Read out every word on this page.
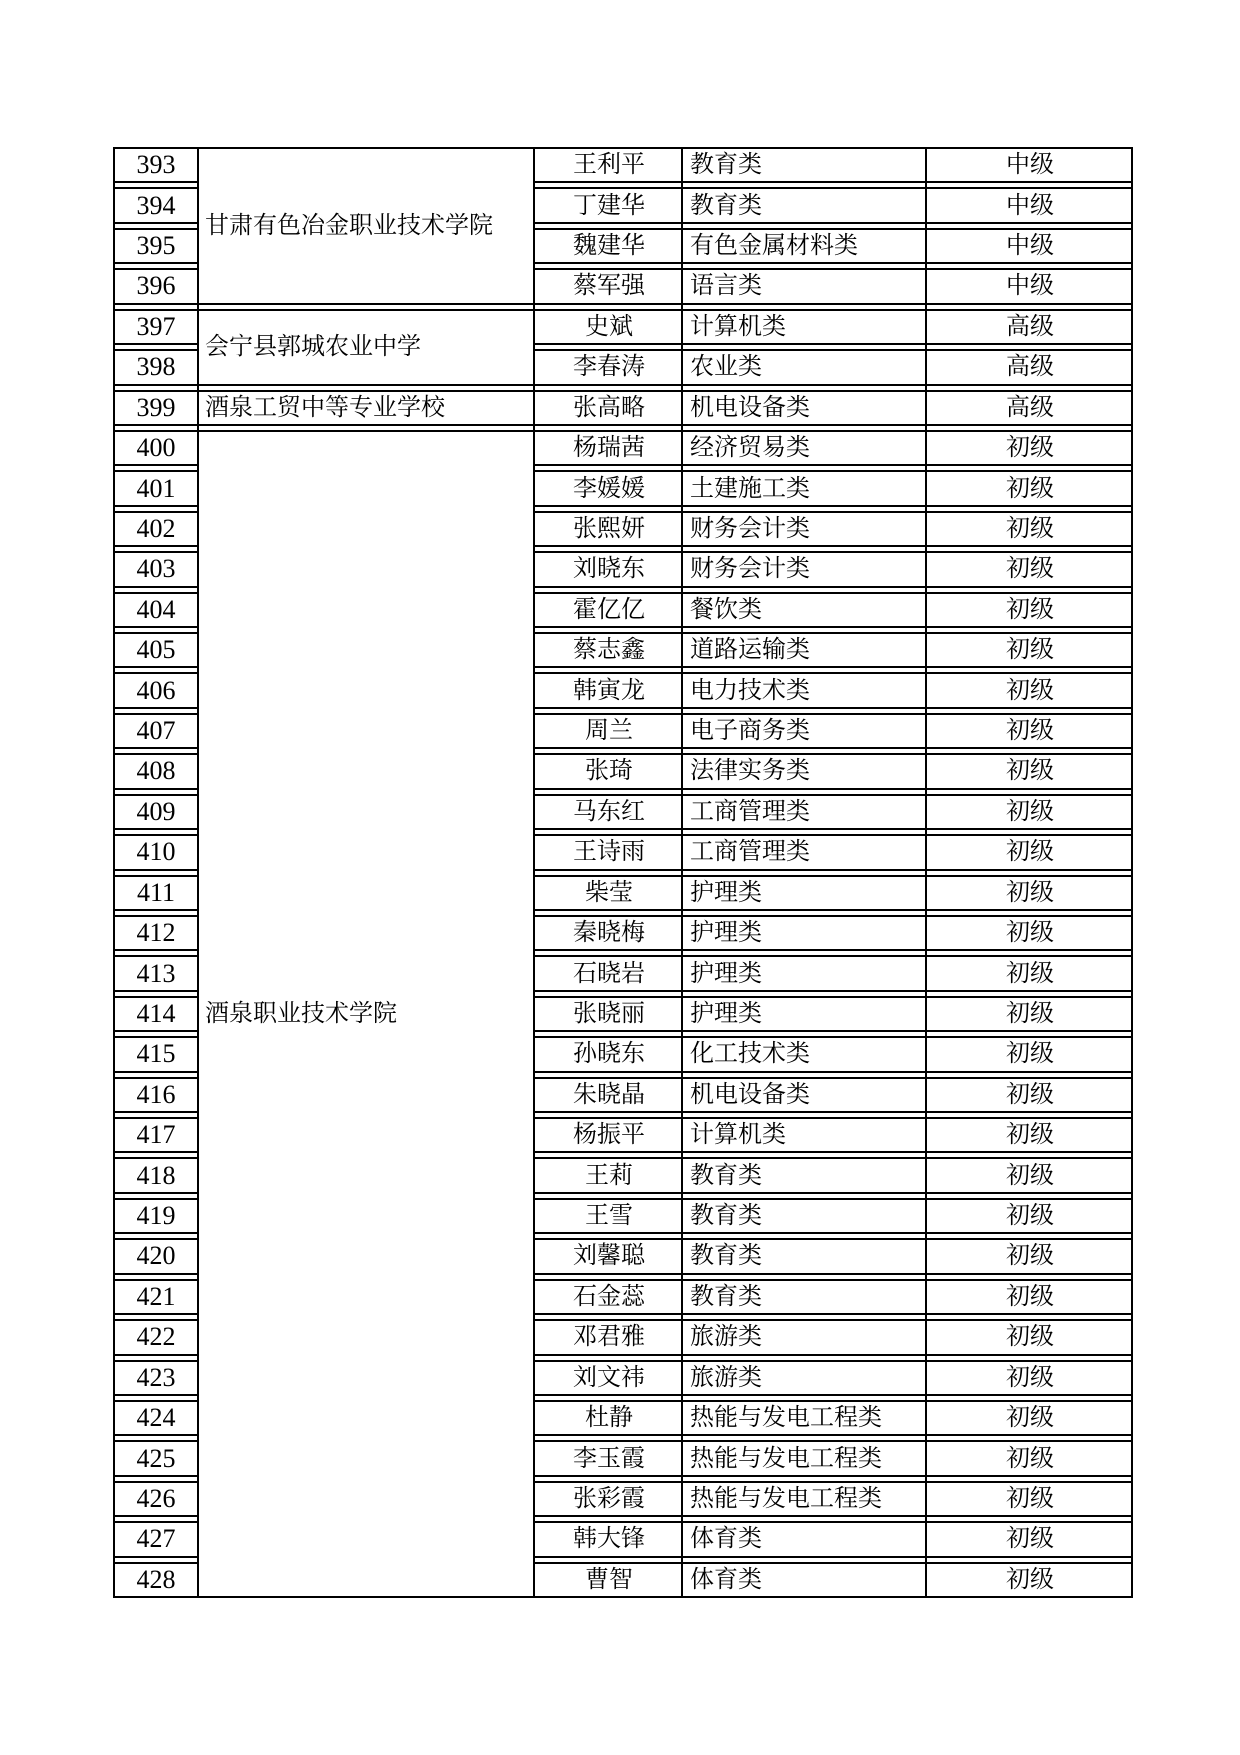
甘肃有色冶金职业技术学院
393	王利平	教育类	中级
394	丁建华	教育类	中级
395	魏建华	有色金属材料类	中级
396	蔡军强	语言类	中级
会宁县郭城农业中学
397	史斌	计算机类	高级
398	李春涛	农业类	高级
酒泉工贸中等专业学校
399	张高略	机电设备类	高级
酒泉职业技术学院
400	杨瑞茜	经济贸易类	初级
401	李媛媛	土建施工类	初级
402	张熙妍	财务会计类	初级
403	刘晓东	财务会计类	初级
404	霍亿亿	餐饮类	初级
405	蔡志鑫	道路运输类	初级
406	韩寅龙	电力技术类	初级
407	周兰	电子商务类	初级
408	张琦	法律实务类	初级
409	马东红	工商管理类	初级
410	王诗雨	工商管理类	初级
411	柴莹	护理类	初级
412	秦晓梅	护理类	初级
413	石晓岩	护理类	初级
414	张晓丽	护理类	初级
415	孙晓东	化工技术类	初级
416	朱晓晶	机电设备类	初级
417	杨振平	计算机类	初级
418	王莉	教育类	初级
419	王雪	教育类	初级
420	刘馨聪	教育类	初级
421	石金蕊	教育类	初级
422	邓君雅	旅游类	初级
423	刘文祎	旅游类	初级
424	杜静	热能与发电工程类	初级
425	李玉霞	热能与发电工程类	初级
426	张彩霞	热能与发电工程类	初级
427	韩大锋	体育类	初级
428	曹智	体育类	初级
